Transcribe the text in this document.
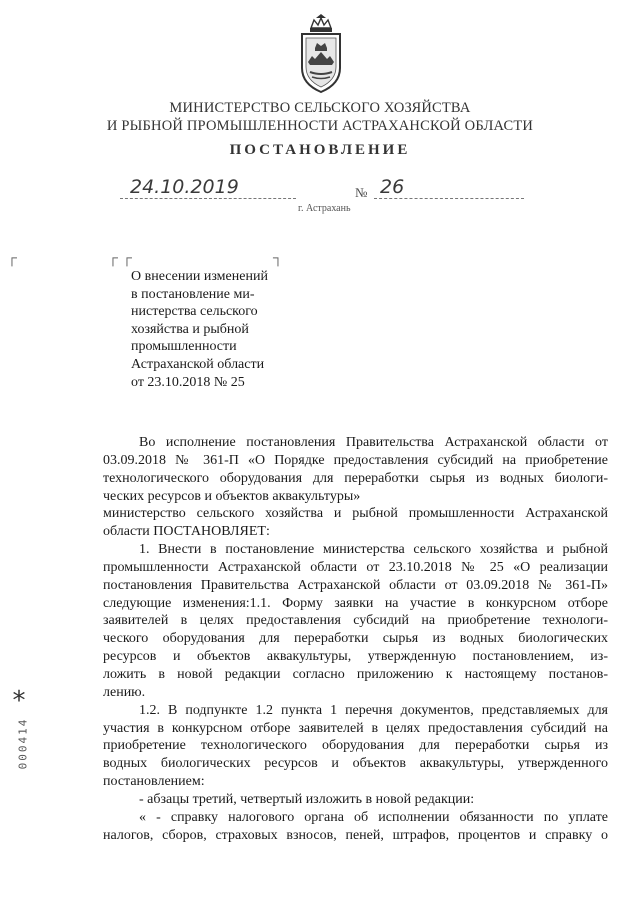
МИНИСТЕРСТВО СЕЛЬСКОГО ХОЗЯЙСТВА
И РЫБНОЙ ПРОМЫШЛЕННОСТИ АСТРАХАНСКОЙ ОБЛАСТИ
ПОСТАНОВЛЕНИЕ
24.10.2019	№ 26
г. Астрахань
┌	┌ ┌	┐
О внесении изменений
в постановление ми-
нистерства сельского
хозяйства и рыбной
промышленности
Астраханской области
от 23.10.2018 № 25
Во исполнение постановления Правительства Астраханской области от
03.09.2018 № 361-П «О Порядке предоставления субсидий на приобретение
технологического оборудования для переработки сырья из водных биологи-
ческих ресурсов и объектов аквакультуры»
министерство сельского хозяйства и рыбной промышленности Астраханской
области ПОСТАНОВЛЯЕТ:
1. Внести в постановление министерства сельского хозяйства и рыбной
промышленности Астраханской области от 23.10.2018 № 25 «О реализации
постановления Правительства Астраханской области от 03.09.2018 № 361-П»
следующие изменения:1.1. Форму заявки на участие в конкурсном отборе
заявителей в целях предоставления субсидий на приобретение технологи-
ческого оборудования для переработки сырья из водных биологических
ресурсов и объектов аквакультуры, утвержденную постановлением, из-
ложить в новой редакции согласно приложению к настоящему постанов-
лению.
1.2. В подпункте 1.2 пункта 1 перечня документов, представляемых для
участия в конкурсном отборе заявителей в целях предоставления субсидий на
приобретение технологического оборудования для переработки сырья из
водных биологических ресурсов и объектов аквакультуры, утвержденного
постановлением:
- абзацы третий, четвертый изложить в новой редакции:
« - справку налогового органа об исполнении обязанности по уплате
налогов, сборов, страховых взносов, пеней, штрафов, процентов и справку о
*
000414
